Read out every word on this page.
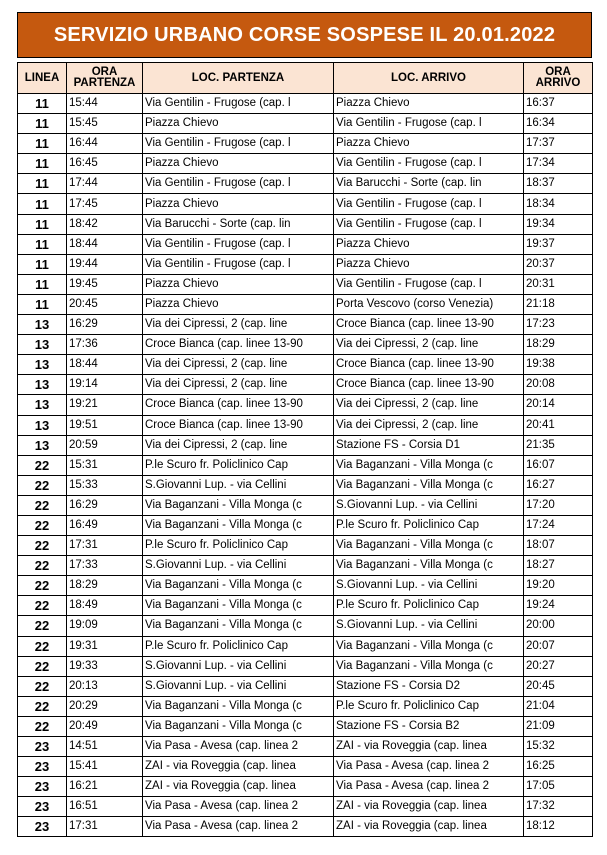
SERVIZIO URBANO CORSE SOSPESE IL 20.01.2022
LINEA	ORA PARTENZA	LOC. PARTENZA	LOC. ARRIVO	ORA ARRIVO
11	15:44	Via Gentilin - Frugose (cap. l	Piazza Chievo	16:37
11	15:45	Piazza Chievo	Via Gentilin - Frugose (cap. l	16:34
11	16:44	Via Gentilin - Frugose (cap. l	Piazza Chievo	17:37
11	16:45	Piazza Chievo	Via Gentilin - Frugose (cap. l	17:34
11	17:44	Via Gentilin - Frugose (cap. l	Via Barucchi - Sorte (cap. lin	18:37
11	17:45	Piazza Chievo	Via Gentilin - Frugose (cap. l	18:34
11	18:42	Via Barucchi - Sorte (cap. lin	Via Gentilin - Frugose (cap. l	19:34
11	18:44	Via Gentilin - Frugose (cap. l	Piazza Chievo	19:37
11	19:44	Via Gentilin - Frugose (cap. l	Piazza Chievo	20:37
11	19:45	Piazza Chievo	Via Gentilin - Frugose (cap. l	20:31
11	20:45	Piazza Chievo	Porta Vescovo (corso Venezia)	21:18
13	16:29	Via dei Cipressi, 2 (cap. line	Croce Bianca (cap. linee 13-90	17:23
13	17:36	Croce Bianca (cap. linee 13-90	Via dei Cipressi, 2 (cap. line	18:29
13	18:44	Via dei Cipressi, 2 (cap. line	Croce Bianca (cap. linee 13-90	19:38
13	19:14	Via dei Cipressi, 2 (cap. line	Croce Bianca (cap. linee 13-90	20:08
13	19:21	Croce Bianca (cap. linee 13-90	Via dei Cipressi, 2 (cap. line	20:14
13	19:51	Croce Bianca (cap. linee 13-90	Via dei Cipressi, 2 (cap. line	20:41
13	20:59	Via dei Cipressi, 2 (cap. line	Stazione FS - Corsia D1	21:35
22	15:31	P.le Scuro fr. Policlinico Cap	Via Baganzani - Villa Monga (c	16:07
22	15:33	S.Giovanni Lup. - via Cellini	Via Baganzani - Villa Monga (c	16:27
22	16:29	Via Baganzani - Villa Monga (c	S.Giovanni Lup. - via Cellini	17:20
22	16:49	Via Baganzani - Villa Monga (c	P.le Scuro fr. Policlinico Cap	17:24
22	17:31	P.le Scuro fr. Policlinico Cap	Via Baganzani - Villa Monga (c	18:07
22	17:33	S.Giovanni Lup. - via Cellini	Via Baganzani - Villa Monga (c	18:27
22	18:29	Via Baganzani - Villa Monga (c	S.Giovanni Lup. - via Cellini	19:20
22	18:49	Via Baganzani - Villa Monga (c	P.le Scuro fr. Policlinico Cap	19:24
22	19:09	Via Baganzani - Villa Monga (c	S.Giovanni Lup. - via Cellini	20:00
22	19:31	P.le Scuro fr. Policlinico Cap	Via Baganzani - Villa Monga (c	20:07
22	19:33	S.Giovanni Lup. - via Cellini	Via Baganzani - Villa Monga (c	20:27
22	20:13	S.Giovanni Lup. - via Cellini	Stazione FS - Corsia D2	20:45
22	20:29	Via Baganzani - Villa Monga (c	P.le Scuro fr. Policlinico Cap	21:04
22	20:49	Via Baganzani - Villa Monga (c	Stazione FS - Corsia B2	21:09
23	14:51	Via Pasa - Avesa (cap. linea 2	ZAI - via Roveggia (cap. linea	15:32
23	15:41	ZAI - via Roveggia (cap. linea	Via Pasa - Avesa (cap. linea 2	16:25
23	16:21	ZAI - via Roveggia (cap. linea	Via Pasa - Avesa (cap. linea 2	17:05
23	16:51	Via Pasa - Avesa (cap. linea 2	ZAI - via Roveggia (cap. linea	17:32
23	17:31	Via Pasa - Avesa (cap. linea 2	ZAI - via Roveggia (cap. linea	18:12
